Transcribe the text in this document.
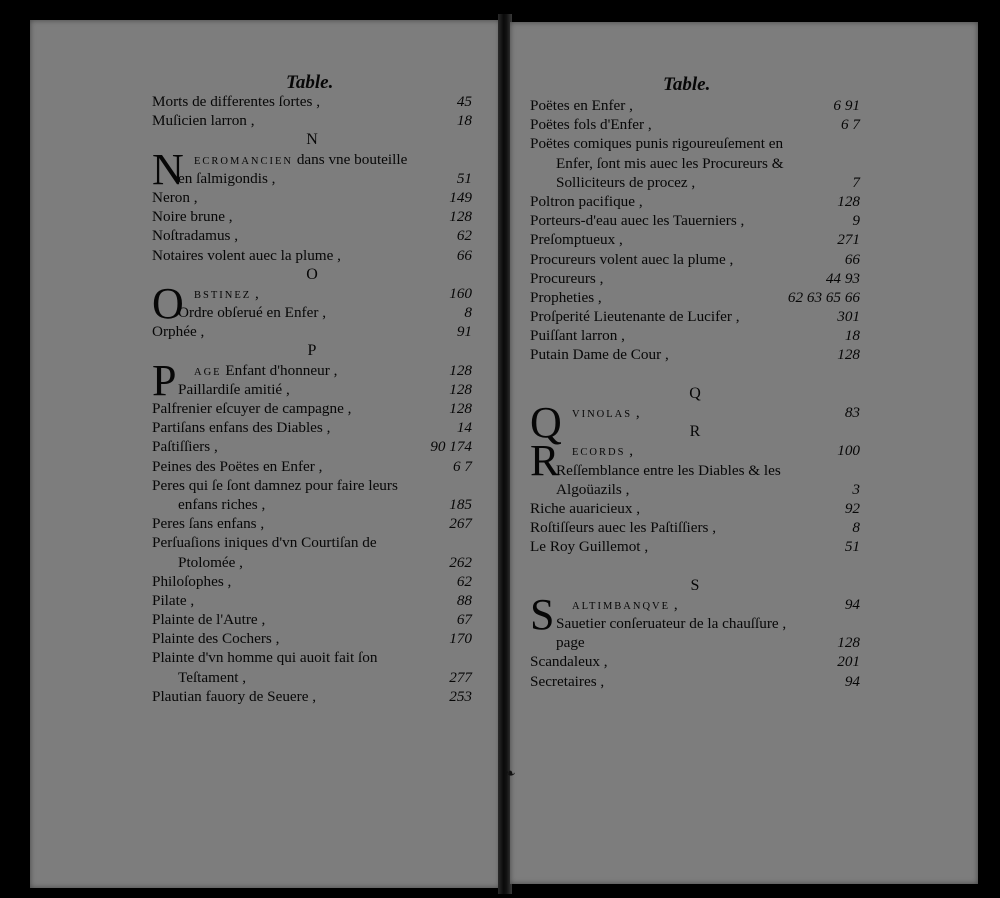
Table.
Morts de differentes ſortes ,	45
Muſicien larron ,	18
N
N ECROMANCIEN dans vne bouteille
en ſalmigondis ,	51
Neron ,	149
Noire brune ,	128
Noſtradamus ,	62
Notaires volent auec la plume ,	66
O
O BSTINEZ ,	160
Ordre obſerué en Enfer ,	8
Orphée ,	91
P
P AGE Enfant d'honneur ,	128
Paillardiſe amitié ,	128
Palfrenier eſcuyer de campagne ,	128
Partiſans enfans des Diables ,	14
Paſtiſſiers ,	90 174
Peines des Poëtes en Enfer ,	6 7
Peres qui ſe ſont damnez pour faire leurs
enfans riches ,	185
Peres ſans enfans ,	267
Perſuaſions iniques d'vn Courtiſan de
Ptolomée ,	262
Philoſophes ,	62
Pilate ,	88
Plainte de l'Autre ,	67
Plainte des Cochers ,	170
Plainte d'vn homme qui auoit fait ſon
Teſtament ,	277
Plautian fauory de Seuere ,	253
Table.
Poëtes en Enfer ,	6 91
Poëtes fols d'Enfer ,	6 7
Poëtes comiques punis rigoureuſement en
Enfer, ſont mis auec les Procureurs &
Solliciteurs de procez ,	7
Poltron pacifique ,	128
Porteurs-d'eau auec les Tauerniers ,	9
Preſomptueux ,	271
Procureurs volent auec la plume ,	66
Procureurs ,	44 93
Propheties ,	62 63 65 66
Proſperité Lieutenante de Lucifer ,	301
Puiſſant larron ,	18
Putain Dame de Cour ,	128
Q
Q VINOLAS ,	83
R
R ECORDS ,	100
Reſſemblance entre les Diables & les
Algoüazils ,	3
Riche auaricieux ,	92
Roſtiſſeurs auec les Paſtiſſiers ,	8
Le Roy Guillemot ,	51
S
S ALTIMBANQVE ,	94
Sauetier conſeruateur de la chauſſure ,
page	128
Scandaleux ,	201
Secretaires ,	94
❧
